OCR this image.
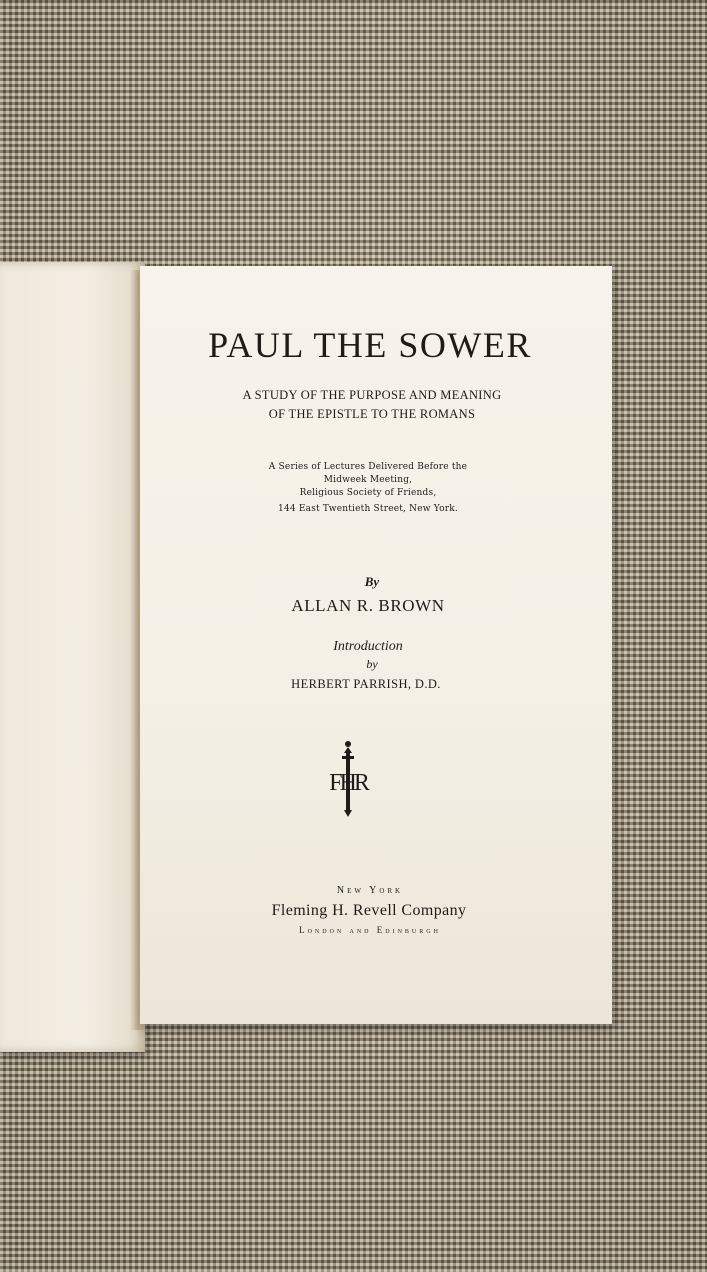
PAUL THE SOWER
A STUDY OF THE PURPOSE AND MEANING
OF THE EPISTLE TO THE ROMANS
A Series of Lectures Delivered Before the
Midweek Meeting,
Religious Society of Friends,
144 East Twentieth Street, New York.
By
ALLAN R. BROWN
Introduction
by
HERBERT PARRISH, D.D.
FHR
New York
Fleming H. Revell Company
London and Edinburgh
